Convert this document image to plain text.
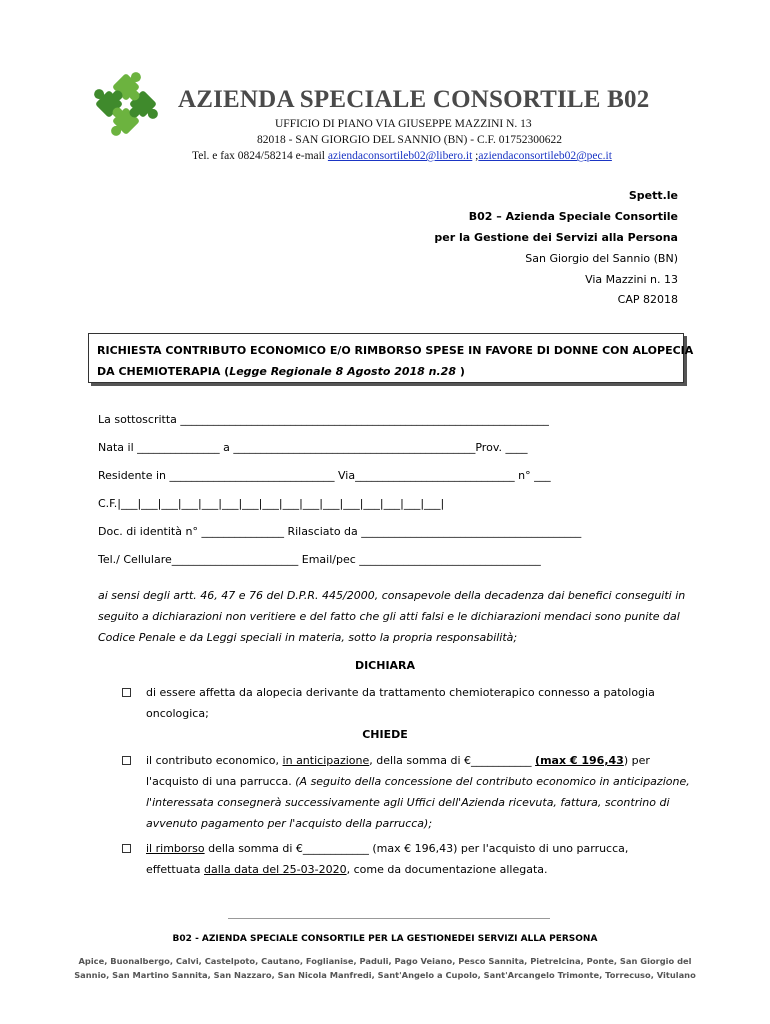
AZIENDA SPECIALE CONSORTILE B02
UFFICIO DI PIANO VIA GIUSEPPE MAZZINI N. 13
82018 - SAN GIORGIO DEL SANNIO (BN) - C.F. 01752300622
Tel. e fax 0824/58214 e-mail aziendaconsortileb02@libero.it ;aziendaconsortileb02@pec.it
Spett.le
B02 – Azienda Speciale Consortile
per la Gestione dei Servizi alla Persona
San Giorgio del Sannio (BN)
Via Mazzini n. 13
CAP 82018
RICHIESTA CONTRIBUTO ECONOMICO E/O RIMBORSO SPESE IN FAVORE DI DONNE CON ALOPECIA
DA CHEMIOTERAPIA (Legge Regionale 8 Agosto 2018 n.28 )
La sottoscritta ___________________________________________________________________
Nata il _______________ a ____________________________________________Prov. ____
Residente in ______________________________ Via_____________________________ n° ___
C.F.|___|___|___|___|___|___|___|___|___|___|___|___|___|___|___|___|
Doc. di identità n° _______________ Rilasciato da ________________________________________
Tel./ Cellulare_______________________ Email/pec _________________________________
ai sensi degli artt. 46, 47 e 76 del D.P.R. 445/2000, consapevole della decadenza dai benefici conseguiti in
seguito a dichiarazioni non veritiere e del fatto che gli atti falsi e le dichiarazioni mendaci sono punite dal
Codice Penale e da Leggi speciali in materia, sotto la propria responsabilità;
DICHIARA
di essere affetta da alopecia derivante da trattamento chemioterapico connesso a patologia
oncologica;
CHIEDE
il contributo economico, in anticipazione, della somma di €___________ (max € 196,43) per
l'acquisto di una parrucca. (A seguito della concessione del contributo economico in anticipazione,
l'interessata consegnerà successivamente agli Uffici dell'Azienda ricevuta, fattura, scontrino di
avvenuto pagamento per l'acquisto della parrucca);
il rimborso della somma di €____________ (max € 196,43) per l'acquisto di uno parrucca,
effettuata dalla data del 25-03-2020, come da documentazione allegata.
B02 - AZIENDA SPECIALE CONSORTILE PER LA GESTIONEDEI SERVIZI ALLA PERSONA
Apice, Buonalbergo, Calvi, Castelpoto, Cautano, Foglianise, Paduli, Pago Veiano, Pesco Sannita, Pietrelcina, Ponte, San Giorgio del
Sannio, San Martino Sannita, San Nazzaro, San Nicola Manfredi, Sant'Angelo a Cupolo, Sant'Arcangelo Trimonte, Torrecuso, Vitulano
